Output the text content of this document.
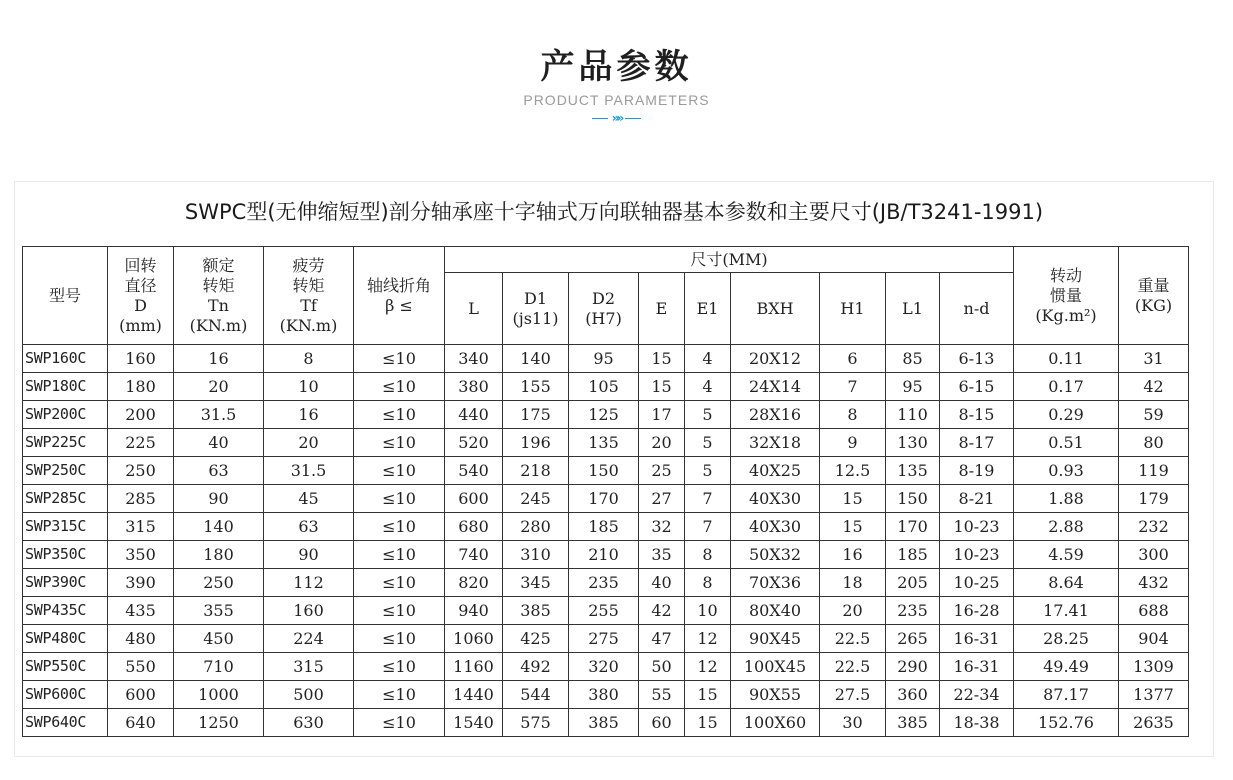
产品参数
PRODUCT PARAMETERS
»»
SWPC型(无伸缩短型)剖分轴承座十字轴式万向联轴器基本参数和主要尺寸(JB/T3241-1991)
型号	回转
直径
D
(mm)	额定
转矩
Tn
(KN.m)	疲劳
转矩
Tf
(KN.m)	轴线折角
β ≤	尺寸(MM)									转动
惯量
(Kg.m²)	重量
(KG)

					L	D1
(js11)	D2
(H7)	E	E1	BXH	H1	L1	n-d		

SWP160C	160	16	8	≤10	340	140	95	15	4	20X12	6	85	6-13	0.11	31
SWP180C	180	20	10	≤10	380	155	105	15	4	24X14	7	95	6-15	0.17	42
SWP200C	200	31.5	16	≤10	440	175	125	17	5	28X16	8	110	8-15	0.29	59
SWP225C	225	40	20	≤10	520	196	135	20	5	32X18	9	130	8-17	0.51	80
SWP250C	250	63	31.5	≤10	540	218	150	25	5	40X25	12.5	135	8-19	0.93	119
SWP285C	285	90	45	≤10	600	245	170	27	7	40X30	15	150	8-21	1.88	179
SWP315C	315	140	63	≤10	680	280	185	32	7	40X30	15	170	10-23	2.88	232
SWP350C	350	180	90	≤10	740	310	210	35	8	50X32	16	185	10-23	4.59	300
SWP390C	390	250	112	≤10	820	345	235	40	8	70X36	18	205	10-25	8.64	432
SWP435C	435	355	160	≤10	940	385	255	42	10	80X40	20	235	16-28	17.41	688
SWP480C	480	450	224	≤10	1060	425	275	47	12	90X45	22.5	265	16-31	28.25	904
SWP550C	550	710	315	≤10	1160	492	320	50	12	100X45	22.5	290	16-31	49.49	1309
SWP600C	600	1000	500	≤10	1440	544	380	55	15	90X55	27.5	360	22-34	87.17	1377
SWP640C	640	1250	630	≤10	1540	575	385	60	15	100X60	30	385	18-38	152.76	2635
